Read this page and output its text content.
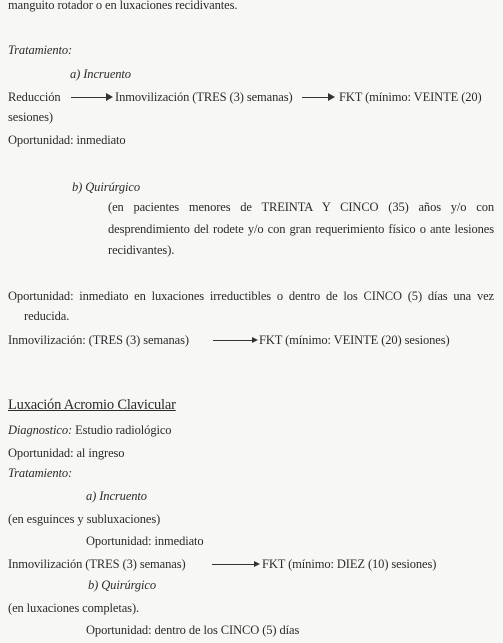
manguito rotador o en luxaciones recidivantes.
Tratamiento:
a) Incruento
Reducción	Inmovilización (TRES (3) semanas)	FKT (mínimo: VEINTE (20)
sesiones)
Oportunidad: inmediato
b) Quirúrgico
(en pacientes menores de TREINTA Y CINCO (35) años y/o con
desprendimiento del rodete y/o con gran requerimiento físico o ante lesiones
recidivantes).
Oportunidad: inmediato en luxaciones irreductibles o dentro de los CINCO (5) días una vez
reducida.
Inmovilización: (TRES (3) semanas)	FKT (mínimo: VEINTE (20) sesiones)
Luxación Acromio Clavicular
Diagnostico: Estudio radiológico
Oportunidad: al ingreso
Tratamiento:
a) Incruento
(en esguinces y subluxaciones)
Oportunidad: inmediato
Inmovilización (TRES (3) semanas)	FKT (mínimo: DIEZ (10) sesiones)
b) Quirúrgico
(en luxaciones completas).
Oportunidad: dentro de los CINCO (5) días
